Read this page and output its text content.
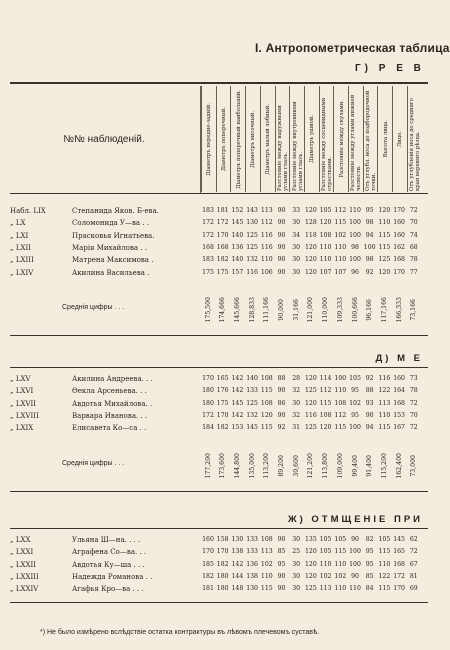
I. Антропометрическая таблица
Г) Р Е В
№№ наблюденій.	Діаметръ передне-задній. Діаметръ поперечный. Діаметръ поперечный наибольшій. Діаметръ височный. Діаметръ малый лобный. Разстояніе между наружными углами глазъ. Разстояніе между внутренними углами глазъ.
Діаметръ ушной. Разстояніе между сосцевидными отростками. Разстояніе между скулами. Разстояніе между углами нижней челюсти. Отъ углубл. носа до подбородочной точки.
Высота лица. Лицо. Отъ углубленія носа до средняго края верхняго рѣзца.
Набл. LIX	Степанида Яков. Б-ева.	183 181 152 143 113 90	33 120 105 112 110 95 120 170 72
„ LX	Соломонида У—ва . .	172 172 145 130 112 90	30 128 120 115 100 98 110 160 70
„ LXI	Прасковья Игнатьева.	172 170 140 125 116 90	34 118 108 102 100 94 115 160 74
„ LXII	Марія Михайлова . .	168 168 136 125 116 90	30 120 110 110 98 100 115 162 68
„ LXIII	Матрена Максимова .	183 182 140 132 110 90	30 120 110 110 100 98 125 168 78
„ LXIV	Акилина Васильева .	175 175 157 116 106 90	30 120 107 107 96	92 120 170 77
Среднія цифры . . .	175,500 174,666 145,666 128,833 111,166 90,000 31,166 121,000 110,000 109,333 100,666 96,166 117,166 166,333 73,166
Д) М Е
„ LXV	Акилина Андреева. . .	170 165 142 140 108 88	28 120 114 100 105 92 116 160 73
„ LXVI	Ѳекла Арсеньева. . .	180 176 142 133 115 90	32 125 112 110 95	88 122 164 78
„ LXVII	Авдотья Михайлова. .	180 175 145 125 108 86	30 120 115 108 102 93 113 168 72
„ LXVIII	Варвара Иванова. . .	172 170 142 132 120 90	32 116 108 112 95	90 110 153 70
„ LXIX	Елисавета Ко—са . .	184 182 153 145 115 92	31 125 120 115 100 94 115 167 72
Среднія цифры . . .	177,200 173,600 144,800 135,000 113,200 89,200 30,600 121,200 113,800 109,000 99,400 91,400 115,200 162,400 73,000
Ж) ОТМЩЕНІЕ ПРИ
„ LXX	Ульяна Ш—на. . . .	160 158 130 133 108 90	30 135 105 105 90	82 105 145 62
„ LXXI	Аграфена Со—ва. . .	170 170 138 133 113 85	25 120 105 115 100 95 115 165 72
„ LXXII	Авдотья Ку—ша . . .	185 182 142 136 102 95	30 120 110 110 100 95 110 168 67
„ LXXIII	Надежда Романова . .	182 180 144 138 110 90	30 120 102 102 90	85 122 172 81
„ LXXIV	Агафья Кро—ва . . .	181 180 148 130 115 90	30 125 113 110 110 84 115 170 69
*) Не было измѣрено вслѣдствіе остатка контрактуры въ лѣвомъ плечевомъ суставѣ.
